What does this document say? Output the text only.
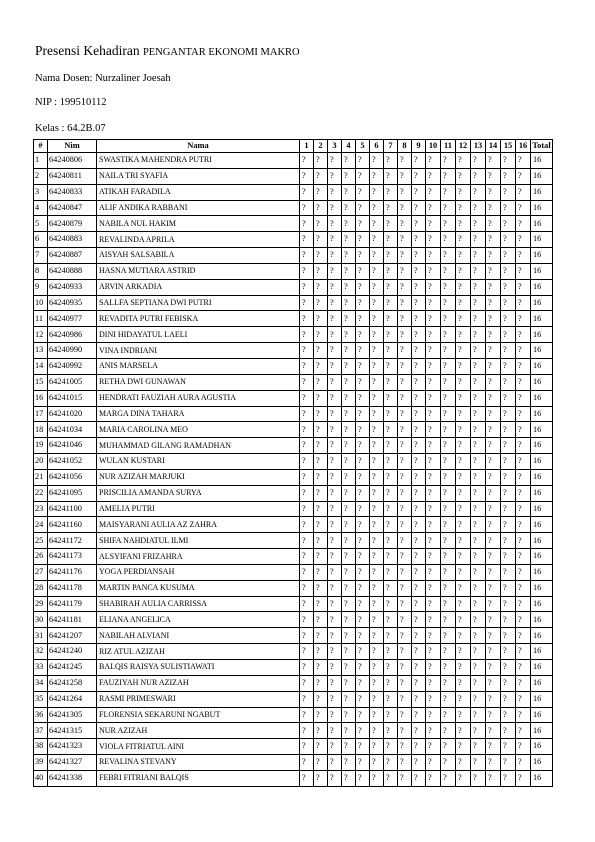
Presensi Kehadiran PENGANTAR EKONOMI MAKRO
Nama Dosen: Nurzaliner Joesah
NIP : 199510112
Kelas : 64.2B.07
#	Nim	Nama	1	2	3	4	5	6	7	8	9	10	11	12	13	14	15	16	Total
1	64240806	SWASTIKA MAHENDRA PUTRI	?	?	?	?	?	?	?	?	?	?	?	?	?	?	?	?	16
2	64240811	NAILA TRI SYAFIA	?	?	?	?	?	?	?	?	?	?	?	?	?	?	?	?	16
3	64240833	ATIKAH FARADILA	?	?	?	?	?	?	?	?	?	?	?	?	?	?	?	?	16
4	64240847	ALIF ANDIKA RABBANI	?	?	?	?	?	?	?	?	?	?	?	?	?	?	?	?	16
5	64240879	NABILA NUL HAKIM	?	?	?	?	?	?	?	?	?	?	?	?	?	?	?	?	16
6	64240883	REVALINDA APRILA	?	?	?	?	?	?	?	?	?	?	?	?	?	?	?	?	16
7	64240887	AISYAH SALSABILA	?	?	?	?	?	?	?	?	?	?	?	?	?	?	?	?	16
8	64240888	HASNA MUTIARA ASTRID	?	?	?	?	?	?	?	?	?	?	?	?	?	?	?	?	16
9	64240933	ARVIN ARKADIA	?	?	?	?	?	?	?	?	?	?	?	?	?	?	?	?	16
10	64240935	SALLFA SEPTIANA DWI PUTRI	?	?	?	?	?	?	?	?	?	?	?	?	?	?	?	?	16
11	64240977	REVADITA PUTRI FEBISKA	?	?	?	?	?	?	?	?	?	?	?	?	?	?	?	?	16
12	64240986	DINI HIDAYATUL LAELI	?	?	?	?	?	?	?	?	?	?	?	?	?	?	?	?	16
13	64240990	VINA INDRIANI	?	?	?	?	?	?	?	?	?	?	?	?	?	?	?	?	16
14	64240992	ANIS MARSELA	?	?	?	?	?	?	?	?	?	?	?	?	?	?	?	?	16
15	64241005	RETHA DWI GUNAWAN	?	?	?	?	?	?	?	?	?	?	?	?	?	?	?	?	16
16	64241015	HENDRATI FAUZIAH AURA AGUSTIA	?	?	?	?	?	?	?	?	?	?	?	?	?	?	?	?	16
17	64241020	MARGA DINA TAHARA	?	?	?	?	?	?	?	?	?	?	?	?	?	?	?	?	16
18	64241034	MARIA CAROLINA MEO	?	?	?	?	?	?	?	?	?	?	?	?	?	?	?	?	16
19	64241046	MUHAMMAD GILANG RAMADHAN	?	?	?	?	?	?	?	?	?	?	?	?	?	?	?	?	16
20	64241052	WULAN KUSTARI	?	?	?	?	?	?	?	?	?	?	?	?	?	?	?	?	16
21	64241056	NUR AZIZAH MARJUKI	?	?	?	?	?	?	?	?	?	?	?	?	?	?	?	?	16
22	64241095	PRISCILIA AMANDA SURYA	?	?	?	?	?	?	?	?	?	?	?	?	?	?	?	?	16
23	64241100	AMELIA PUTRI	?	?	?	?	?	?	?	?	?	?	?	?	?	?	?	?	16
24	64241160	MAISYARANI AULIA AZ ZAHRA	?	?	?	?	?	?	?	?	?	?	?	?	?	?	?	?	16
25	64241172	SHIFA NAHDIATUL ILMI	?	?	?	?	?	?	?	?	?	?	?	?	?	?	?	?	16
26	64241173	ALSYIFANI FRIZAHRA	?	?	?	?	?	?	?	?	?	?	?	?	?	?	?	?	16
27	64241176	YOGA PERDIANSAH	?	?	?	?	?	?	?	?	?	?	?	?	?	?	?	?	16
28	64241178	MARTIN PANCA KUSUMA	?	?	?	?	?	?	?	?	?	?	?	?	?	?	?	?	16
29	64241179	SHABIRAH AULIA CARRISSA	?	?	?	?	?	?	?	?	?	?	?	?	?	?	?	?	16
30	64241181	ELIANA ANGELICA	?	?	?	?	?	?	?	?	?	?	?	?	?	?	?	?	16
31	64241207	NABILAH ALVIANI	?	?	?	?	?	?	?	?	?	?	?	?	?	?	?	?	16
32	64241240	RIZ ATUL AZIZAH	?	?	?	?	?	?	?	?	?	?	?	?	?	?	?	?	16
33	64241245	BALQIS RAISYA SULISTIAWATI	?	?	?	?	?	?	?	?	?	?	?	?	?	?	?	?	16
34	64241258	FAUZIYAH NUR AZIZAH	?	?	?	?	?	?	?	?	?	?	?	?	?	?	?	?	16
35	64241264	RASMI PRIMESWARI	?	?	?	?	?	?	?	?	?	?	?	?	?	?	?	?	16
36	64241305	FLORENSIA SEKARUNI NGABUT	?	?	?	?	?	?	?	?	?	?	?	?	?	?	?	?	16
37	64241315	NUR AZIZAH	?	?	?	?	?	?	?	?	?	?	?	?	?	?	?	?	16
38	64241323	VIOLA FITRIATUL AINI	?	?	?	?	?	?	?	?	?	?	?	?	?	?	?	?	16
39	64241327	REVALINA STEVANY	?	?	?	?	?	?	?	?	?	?	?	?	?	?	?	?	16
40	64241338	FEBRI FITRIANI BALQIS	?	?	?	?	?	?	?	?	?	?	?	?	?	?	?	?	16
